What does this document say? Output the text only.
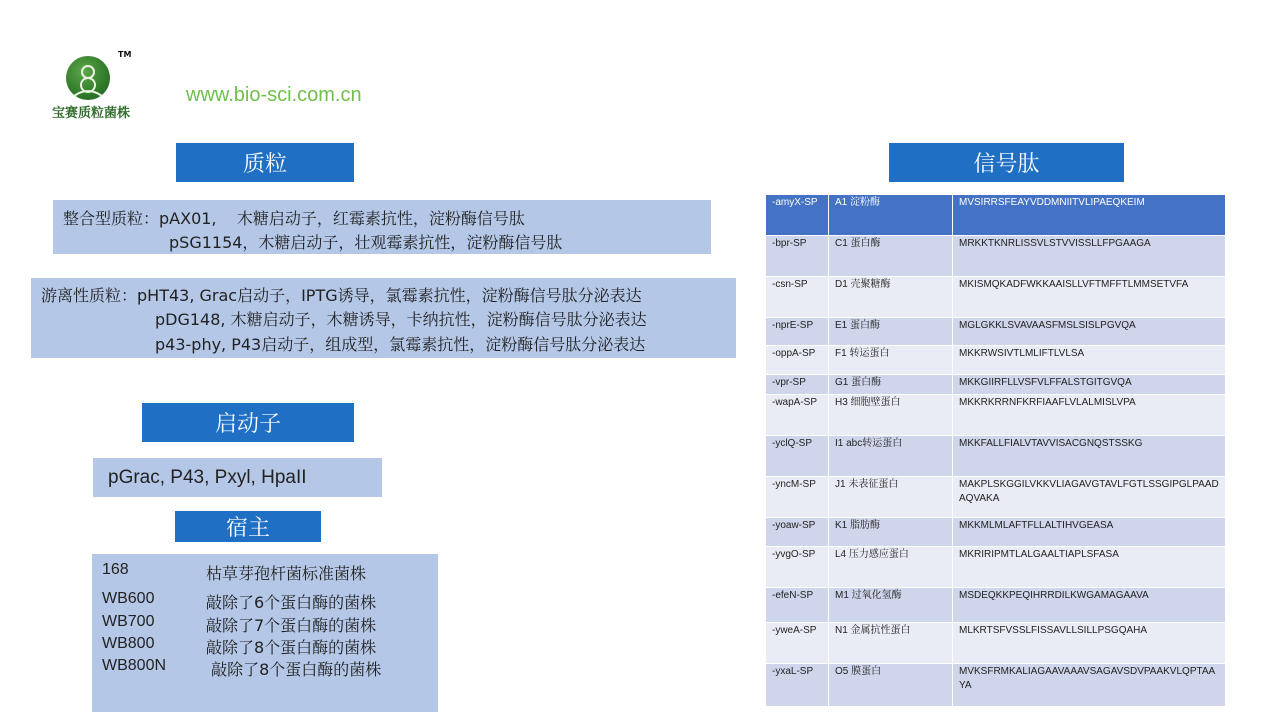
TM
宝赛质粒菌株
www.bio-sci.com.cn
质粒
整合型质粒：pAX01,    木糖启动子，红霉素抗性，淀粉酶信号肽
pSG1154，木糖启动子，壮观霉素抗性，淀粉酶信号肽
游离性质粒：pHT43, Grac启动子，IPTG诱导，氯霉素抗性，淀粉酶信号肽分泌表达
pDG148, 木糖启动子，木糖诱导，卡纳抗性，淀粉酶信号肽分泌表达
p43-phy, P43启动子，组成型，氯霉素抗性，淀粉酶信号肽分泌表达
启动子
pGrac, P43, Pxyl, HpaII
宿主
168	枯草芽孢杆菌标准菌株
WB600	敲除了6个蛋白酶的菌株
WB700	敲除了7个蛋白酶的菌株
WB800	敲除了8个蛋白酶的菌株
WB800N	敲除了8个蛋白酶的菌株
信号肽
-amyX-SP	A1 淀粉酶	MVSIRRSFEAYVDDMNIITVLIPAEQKEIM
-bpr-SP	C1 蛋白酶	MRKKTKNRLISSVLSTVVISSLLFPGAAGA
-csn-SP	D1 壳聚糖酶	MKISMQKADFWKKAAISLLVFTMFFTLMMSETVFA
-nprE-SP	E1 蛋白酶	MGLGKKLSVAVAASFMSLSISLPGVQA
-oppA-SP	F1 转运蛋白	MKKRWSIVTLMLIFTLVLSA
-vpr-SP	G1 蛋白酶	MKKGIIRFLLVSFVLFFALSTGITGVQA
-wapA-SP	H3 细胞壁蛋白	MKKRKRRNFKRFIAAFLVLALMISLVPA
-yclQ-SP	I1 abc转运蛋白	MKKFALLFIALVTAVVISACGNQSTSSKG
-yncM-SP	J1 未表征蛋白	MAKPLSKGGILVKKVLIAGAVGTAVLFGTLSSGIPGLPAADAQVAKA
-yoaw-SP	K1 脂肪酶	MKKMLMLAFTFLLALTIHVGEASA
-yvgO-SP	L4 压力感应蛋白	MKRIRIPMTLALGAALTIAPLSFASA
-efeN-SP	M1 过氧化氢酶	MSDEQKKPEQIHRRDILKWGAMAGAAVA
-yweA-SP	N1 金属抗性蛋白	MLKRTSFVSSLFISSAVLLSILLPSGQAHA
-yxaL-SP	O5 膜蛋白	MVKSFRMKALIAGAAVAAAVSAGAVSDVPAAKVLQPTAAYA
